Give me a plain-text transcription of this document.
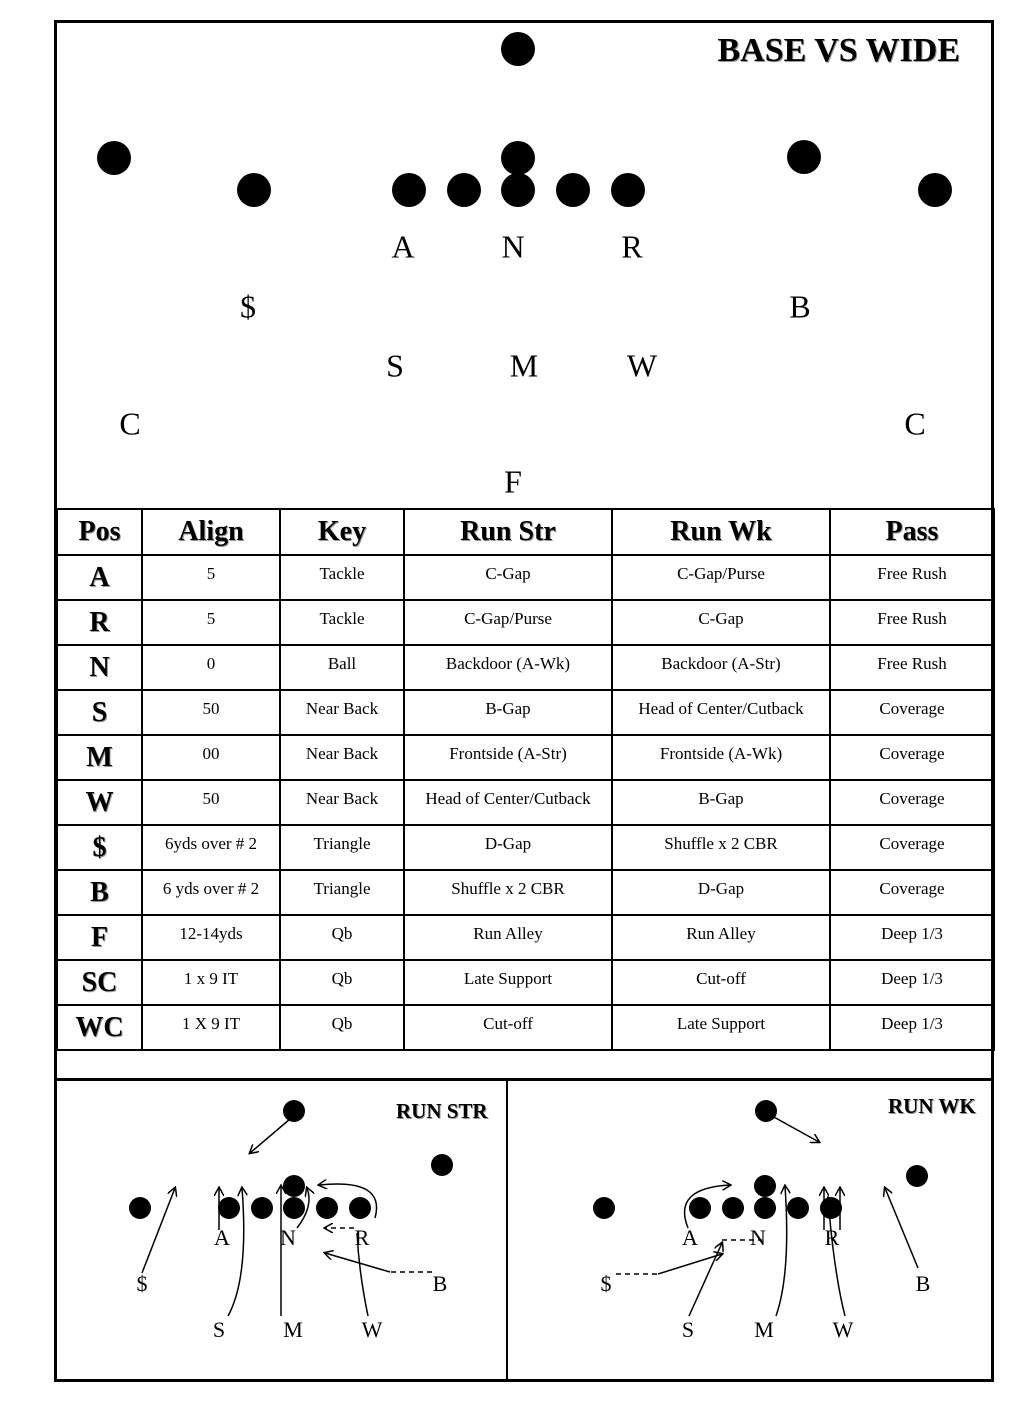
BASE VS WIDE
A	N	R
$	B
S	M	W
C	C
F
Pos	Align	Key	Run Str	Run Wk	Pass
A	5	Tackle	C-Gap	C-Gap/Purse	Free Rush
R	5	Tackle	C-Gap/Purse	C-Gap	Free Rush
N	0	Ball	Backdoor (A-Wk)	Backdoor (A-Str)	Free Rush
S	50	Near Back	B-Gap	Head of Center/Cutback	Coverage
M	00	Near Back	Frontside (A-Str)	Frontside (A-Wk)	Coverage
W	50	Near Back	Head of Center/Cutback	B-Gap	Coverage
$	6yds over # 2	Triangle	D-Gap	Shuffle x 2 CBR	Coverage
B	6 yds over # 2	Triangle	Shuffle x 2 CBR	D-Gap	Coverage
F	12-14yds	Qb	Run Alley	Run Alley	Deep 1/3
SC	1 x 9 IT	Qb	Late Support	Cut-off	Deep 1/3
WC	1 X 9 IT	Qb	Cut-off	Late Support	Deep 1/3
RUN STR
A N	R
$	B
S	M	W
RUN WK
A N	R
$	B
S	M	W
